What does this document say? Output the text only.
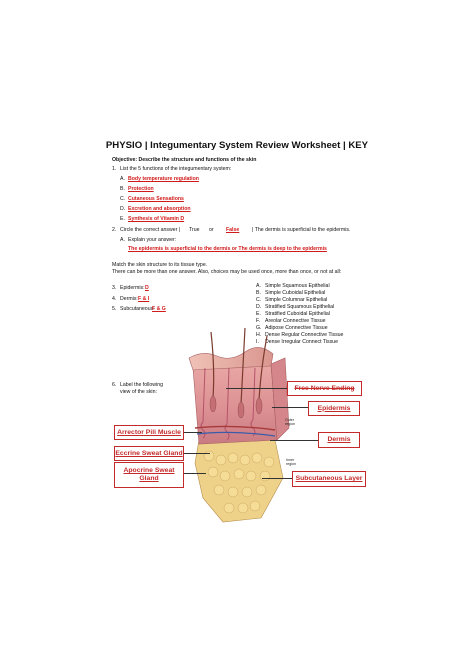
PHYSIO | Integumentary System Review Worksheet | KEY
Objective: Describe the structure and functions of the skin
1. List the 5 functions of the integumentary system:
A. Body temperature regulation
B. Protection
C. Cutaneous Sensations
D. Excretion and absorption
E. Synthesis of Vitamin D
2. Circle the correct answer | True or False | The dermis is superficial to the epidermis.
A. Explain your answer:
The epidermis is superficial to the dermis or The dermis is deep to the epidermis
Match the skin structure to its tissue type.
There can be more than one answer. Also, choices may be used once, more than once, or not at all:
3. Epidermis: D
4. Dermis: F & I
5. Subcutaneous:
F & G
A. Simple Squamous Epithelial
B. Simple Cuboidal Epithelial
C. Simple Columnar Epithelial
D. Stratified Squamous Epithelial
E. Stratified Cuboidal Epithelial
F. Areolar Connective Tissue
G. Adipose Connective Tissue
H. Dense Regular Connective Tissue
I. Dense Irregular Connect Tissue
6. Label the following
view of the skin:
Outer
region
Inner
region
Free Nerve Ending
Epidermis
Dermis
Subcutaneous Layer
Arrector Pili Muscle
Eccrine Sweat Gland
Apocrine Sweat
Gland
